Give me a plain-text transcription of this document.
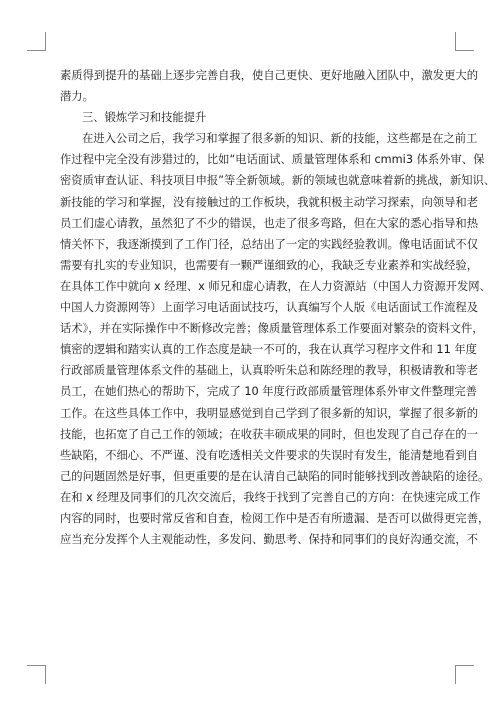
素质得到提升的基础上逐步完善自我，使自己更快、更好地融入团队中，激发更大的
潜力。
三、锻炼学习和技能提升
在进入公司之后，我学习和掌握了很多新的知识、新的技能，这些都是在之前工
作过程中完全没有涉猎过的，比如“电话面试、质量管理体系和 cmmi3 体系外审、保
密资质审查认证、科技项目申报”等全新领域。新的领域也就意味着新的挑战，新知识、
新技能的学习和掌握，没有接触过的工作板块，我就积极主动学习探索，向领导和老
员工们虚心请教，虽然犯了不少的错误，也走了很多弯路，但在大家的悉心指导和热
情关怀下，我逐渐摸到了工作门径，总结出了一定的实践经验教训。像电话面试不仅
需要有扎实的专业知识，也需要有一颗严谨细致的心，我缺乏专业素养和实战经验，
在具体工作中就向 x 经理、x 师兄和虚心请教，在人力资源站（中国人力资源开发网、
中国人力资源网等）上面学习电话面试技巧，认真编写个人版《电话面试工作流程及
话术》，并在实际操作中不断修改完善；像质量管理体系工作要面对繁杂的资料文件，
慎密的逻辑和踏实认真的工作态度是缺一不可的，我在认真学习程序文件和 11 年度
行政部质量管理体系文件的基础上，认真聆听朱总和陈经理的教导，积极请教和等老
员工，在她们热心的帮助下，完成了 10 年度行政部质量管理体系外审文件整理完善
工作。在这些具体工作中，我明显感觉到自己学到了很多新的知识，掌握了很多新的
技能，也拓宽了自己工作的领域；在收获丰硕成果的同时，但也发现了自己存在的一
些缺陷，不细心、不严谨、没有吃透相关文件要求的失误时有发生，能清楚地看到自
己的问题固然是好事，但更重要的是在认清自己缺陷的同时能够找到改善缺陷的途径。
在和 x 经理及同事们的几次交流后，我终于找到了完善自己的方向：在快速完成工作
内容的同时，也要时常反省和自查，检阅工作中是否有所遗漏、是否可以做得更完善，
应当充分发挥个人主观能动性，多发问、勤思考、保持和同事们的良好沟通交流，不
